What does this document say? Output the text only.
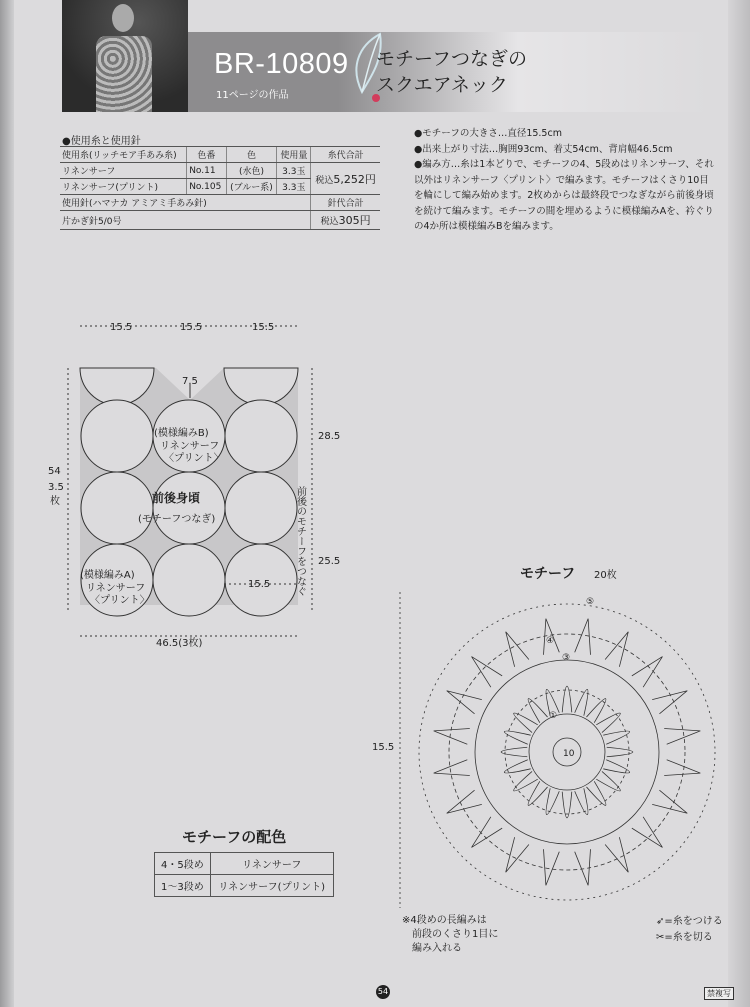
BR-10809
11ページの作品
モチーフつなぎの
スクエアネック
●使用糸と使用針
使用糸(リッチモア手あみ糸)	色番	色	使用量	糸代合計
リネンサーフ	No.11	(水色)	3.3玉	税込5,252円
リネンサーフ(プリント)	No.105	(ブルー系)	3.3玉	
使用針(ハマナカ アミアミ手あみ針)				針代合計
片かぎ針5/0号				税込305円

●モチーフの大きさ…直径15.5cm

●出来上がり寸法…胸囲93cm、着丈54cm、背肩幅46.5cm

●編み方…糸は1本どりで、モチーフの4、5段めはリネンサーフ、それ以外はリネンサーフ〈プリント〉で編みます。モチーフはくさり10目を輪にして編み始めます。2枚めからは最終段でつなぎながら前後身頃を続けて編みます。モチーフの間を埋めるように模様編みAを、衿ぐりの4か所は模様編みBを編みます。

15.5	15.5	15.5
7.5
28.5
25.5
54
3.5
枚
15.5
46.5(3枚)
(模様編みB)
リネンサーフ
〈プリント〉
前後身頃
(モチーフつなぎ)
(模様編みA)
リネンサーフ
〈プリント〉
前後のモチーフをつなぐ	モチーフ 20枚
15.5
10
①
③
④
⑤
モチーフの配色
4・5段め	リネンサーフ
1〜3段め	リネンサーフ(プリント)
※4段めの長編みは
前段のくさり1目に
編み入れる
➶=糸をつける
✂=糸を切る
54	禁複写
